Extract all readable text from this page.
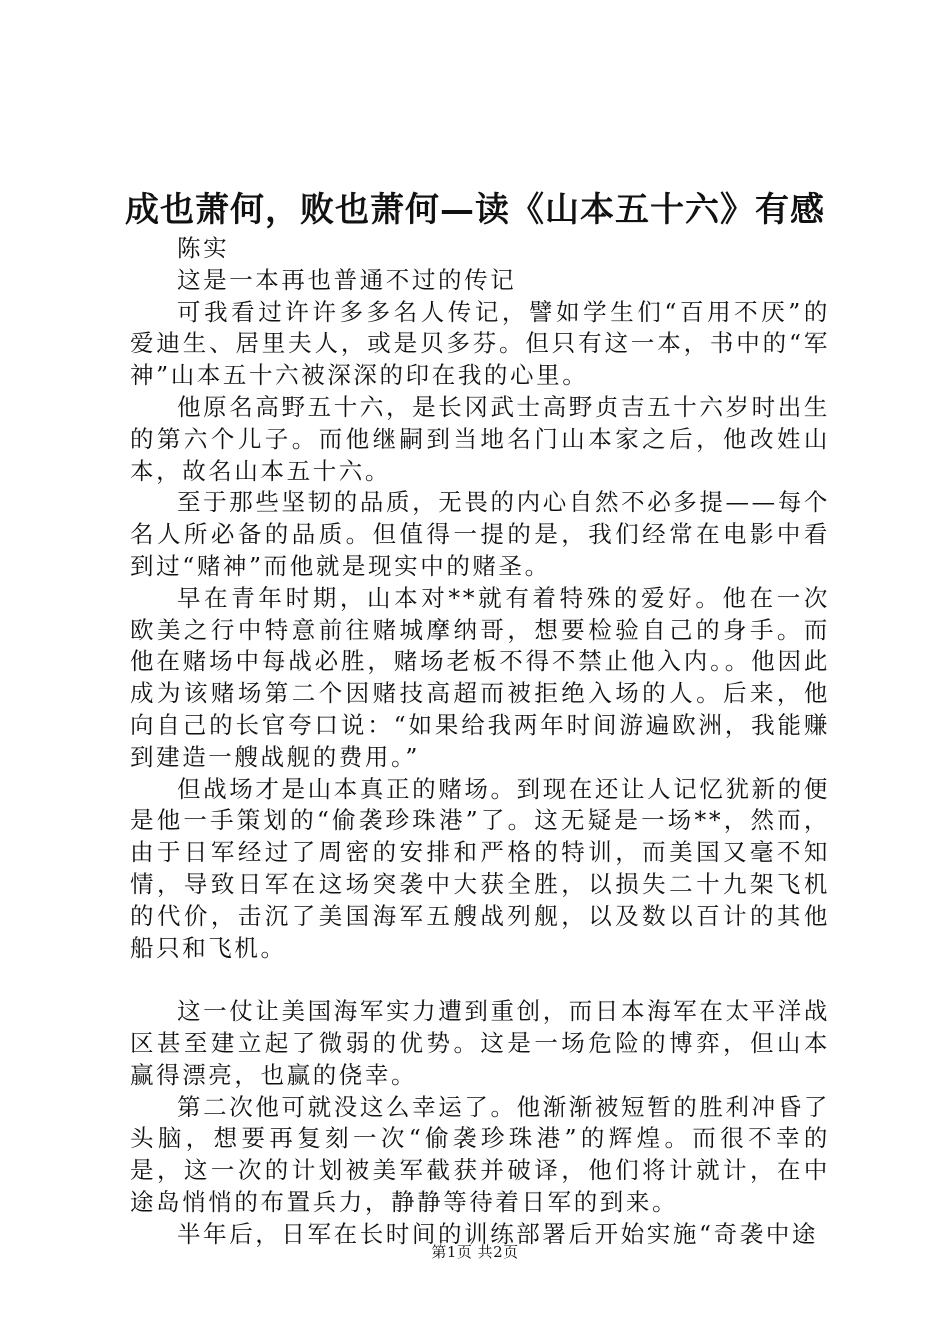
成也萧何，败也萧何—读《山本五十六》有感

陈实

这是一本再也普通不过的传记

可我看过许许多多名人传记，譬如学生们“百用不厌”的爱迪生、居里夫人，或是贝多芬。但只有这一本，书中的“军神”山本五十六被深深的印在我的心里。

他原名高野五十六，是长冈武士高野贞吉五十六岁时出生的第六个儿子。而他继嗣到当地名门山本家之后，他改姓山本，故名山本五十六。

至于那些坚韧的品质，无畏的内心自然不必多提——每个名人所必备的品质。但值得一提的是，我们经常在电影中看到过“赌神”而他就是现实中的赌圣。

早在青年时期，山本对**就有着特殊的爱好。他在一次欧美之行中特意前往赌城摩纳哥，想要检验自己的身手。而他在赌场中每战必胜，赌场老板不得不禁止他入内。。他因此成为该赌场第二个因赌技高超而被拒绝入场的人。后来，他向自己的长官夸口说：“如果给我两年时间游遍欧洲，我能赚到建造一艘战舰的费用。”

但战场才是山本真正的赌场。到现在还让人记忆犹新的便是他一手策划的“偷袭珍珠港”了。这无疑是一场**，然而，由于日军经过了周密的安排和严格的特训，而美国又毫不知情，导致日军在这场突袭中大获全胜，以损失二十九架飞机的代价，击沉了美国海军五艘战列舰，以及数以百计的其他船只和飞机。

这一仗让美国海军实力遭到重创，而日本海军在太平洋战区甚至建立起了微弱的优势。这是一场危险的博弈，但山本赢得漂亮，也赢的侥幸。

第二次他可就没这么幸运了。他渐渐被短暂的胜利冲昏了头脑，想要再复刻一次“偷袭珍珠港”的辉煌。而很不幸的是，这一次的计划被美军截获并破译，他们将计就计，在中途岛悄悄的布置兵力，静静等待着日军的到来。

半年后，日军在长时间的训练部署后开始实施“奇袭中途

第1页 共2页
